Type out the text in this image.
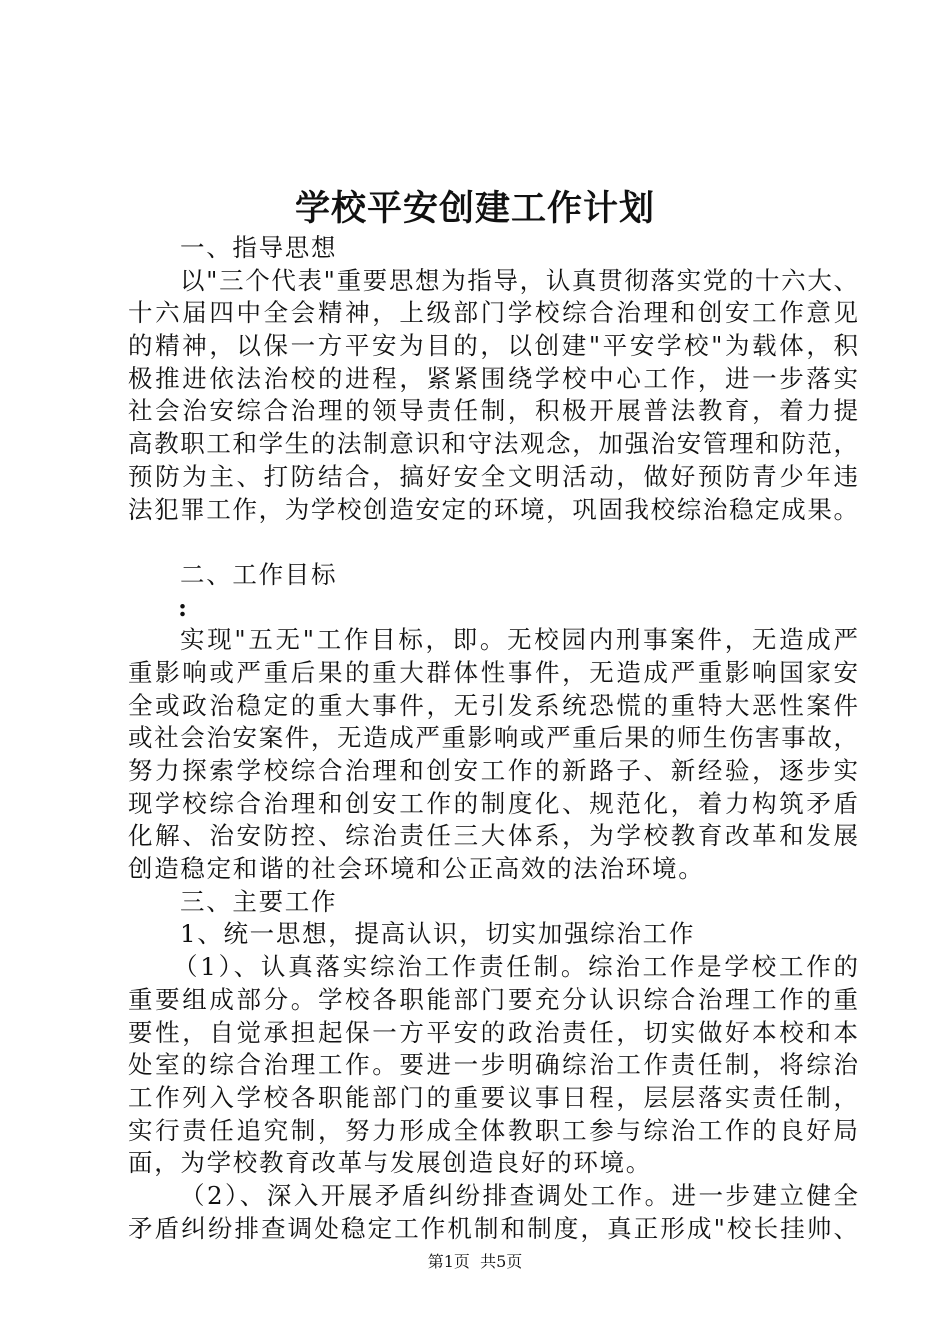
学校平安创建工作计划
一、指导思想
以"三个代表"重要思想为指导，认真贯彻落实党的十六大、
十六届四中全会精神，上级部门学校综合治理和创安工作意见
的精神，以保一方平安为目的，以创建"平安学校"为载体，积
极推进依法治校的进程，紧紧围绕学校中心工作，进一步落实
社会治安综合治理的领导责任制，积极开展普法教育，着力提
高教职工和学生的法制意识和守法观念，加强治安管理和防范，
预防为主、打防结合，搞好安全文明活动，做好预防青少年违
法犯罪工作，为学校创造安定的环境，巩固我校综治稳定成果。
二、工作目标
:
实现"五无"工作目标，即。无校园内刑事案件，无造成严
重影响或严重后果的重大群体性事件，无造成严重影响国家安
全或政治稳定的重大事件，无引发系统恐慌的重特大恶性案件
或社会治安案件，无造成严重影响或严重后果的师生伤害事故，
努力探索学校综合治理和创安工作的新路子、新经验，逐步实
现学校综合治理和创安工作的制度化、规范化，着力构筑矛盾
化解、治安防控、综治责任三大体系，为学校教育改革和发展
创造稳定和谐的社会环境和公正高效的法治环境。
三、主要工作
1、统一思想，提高认识，切实加强综治工作
（1）、认真落实综治工作责任制。综治工作是学校工作的
重要组成部分。学校各职能部门要充分认识综合治理工作的重
要性，自觉承担起保一方平安的政治责任，切实做好本校和本
处室的综合治理工作。要进一步明确综治工作责任制，将综治
工作列入学校各职能部门的重要议事日程，层层落实责任制，
实行责任追究制，努力形成全体教职工参与综治工作的良好局
面，为学校教育改革与发展创造良好的环境。
（2）、深入开展矛盾纠纷排查调处工作。进一步建立健全
矛盾纠纷排查调处稳定工作机制和制度，真正形成"校长挂帅、
第1页  共5页
